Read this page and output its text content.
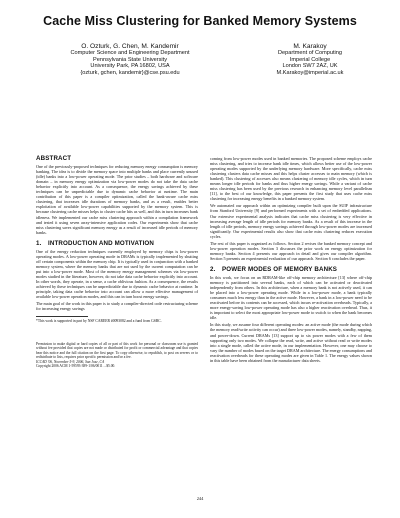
Cache Miss Clustering for Banked Memory Systems
O. Ozturk, G. Chen, M. Kandemir
Computer Science and Engineering Department
Pennsylvania State University
University Park, PA 16802, USA
{ozturk, gchen, kandemir}@cse.psu.edu
M. Karakoy
Department of Computing
Imperial College
London SW7 2AZ, UK
M.Karakoy@imperial.ac.uk
ABSTRACT

One of the previously-proposed techniques for reducing memory energy consumption is memory banking. The idea is to divide the memory space into multiple banks and place currently unused (idle) banks into a low-power operating mode. The prior studies – both hardware and software domain – in memory energy optimization via low-power modes do not take the data cache behavior explicitly into account. As a consequence, the energy savings achieved by these techniques can be unpredictable due to dynamic cache behavior at runtime. The main contribution of this paper is a compiler optimization, called the bank-aware cache miss clustering, that increases idle durations of memory banks, and as a result, enables better exploitation of available low-power capabilities supported by the memory system. This is because clustering cache misses helps to cluster cache hits as well, and this in turn increases bank idleness. We implemented our cache miss clustering approach within a compilation framework and tested it using seven array-intensive application codes. Our experiments show that cache miss clustering saves significant memory energy as a result of increased idle periods of memory banks.

1. INTRODUCTION AND MOTIVATION

One of the energy reduction techniques currently employed by memory chips is low-power operating modes. A low-power operating mode in DRAMs is typically implemented by shutting off certain components within the memory chip. It is typically used in conjunction with a banked memory system, where the memory banks that are not used by the current computation can be put into a low-power mode. Most of the memory energy management schemes via low-power modes studied in the literature, however, do not take data cache behavior explicitly into account. In other words, they operate, in a sense, a cache oblivious fashion. As a consequence, the results achieved by these techniques can be unpredictable due to dynamic cache behavior at runtime. In principle, taking data cache behavior into account can allow a more effective management of available low-power operation modes, and this can in turn boost energy savings.

The main goal of the work in this paper is to study a compiler-directed code restructuring scheme for increasing energy savings

*This work is supported in part by NSF CAREER #0093082 and a fund from GSRC.
Permission to make digital or hard copies of all or part of this work for personal or classroom use is granted without fee provided that copies are not made or distributed for profit or commercial advantage and that copies bear this notice and the full citation on the first page. To copy otherwise, to republish, to post on servers or to redistribute to lists, requires prior specific permission and/or a fee.
ICCAD '06, November 5-9, 2006, San Jose, CA
Copyright 2006 ACM 1-59593-389-1/06/0011 ...$5.00.

coming from low-power modes used in banked memories. The proposed scheme employs cache miss clustering, and tries to increase bank idle times, which allows better use of the low-power operating modes supported by the underlying memory hardware. More specifically, cache miss clustering clusters data cache misses and this helps cluster accesses to main memory (which is banked). This clustering of accesses also means clustering of memory idle cycles, which in turn means longer idle periods for banks and thus higher energy savings. While a variant of cache miss clustering has been used by the previous research in enhancing memory level parallelism [11], to the best of our knowledge, this paper presents the first study that uses cache miss clustering for increasing energy benefits in a banked memory system.

We automated our approach within an optimizing compiler built upon the SUIF infrastructure from Stanford University [9] and performed experiments with a set of embedded applications. Our extensive experimental analysis indicates that cache miss clustering is very effective in increasing average length of idle periods for memory banks. As a result of this increase in the length of idle periods, memory energy savings achieved through low-power modes are increased significantly. Our experimental results also show that cache miss clustering reduces execution cycles.

The rest of this paper is organized as follows. Section 2 revises the banked memory concept and low-power operation modes. Section 3 discusses the prior work on energy optimization for memory banks. Section 4 presents our approach in detail and gives our compiler algorithm. Section 5 presents an experimental evaluation of our approach. Section 6 concludes the paper.

2. POWER MODES OF MEMORY BANKS

In this work, we focus on an RDRAM-like off-chip memory architecture [13] where off-chip memory is partitioned into several banks, each of which can be activated or deactivated independently from others. In this architecture, when a memory bank is not actively used, it can be placed into a low-power operating mode. While in a low-power mode, a bank typically consumes much less energy than in the active mode. However, a bank in a low-power need to be reactivated before its contents can be accessed, which incurs re-activation overheads. Typically, a more energy-saving low-power operating mode has also a higher reactivation overhead. Thus, it is important to select the most appropriate low-power mode to switch to when the bank becomes idle.

In this study, we assume four different operating modes: an active mode (the mode during which the memory read/write activity can occur) and three low-power modes, namely, standby, napping, and power-down. Current DRAMs [13] support up to six power modes with a few of them supporting only two modes. We collapse the read, write, and active without read or write modes into a single mode, called the active mode, in our implementation. However, one may choose to vary the number of modes based on the target DRAM architecture. The energy consumptions and reactivation overheads for these operating modes are given in Table 1. The energy values shown in this table have been obtained from the manufacturer data sheets.

244
